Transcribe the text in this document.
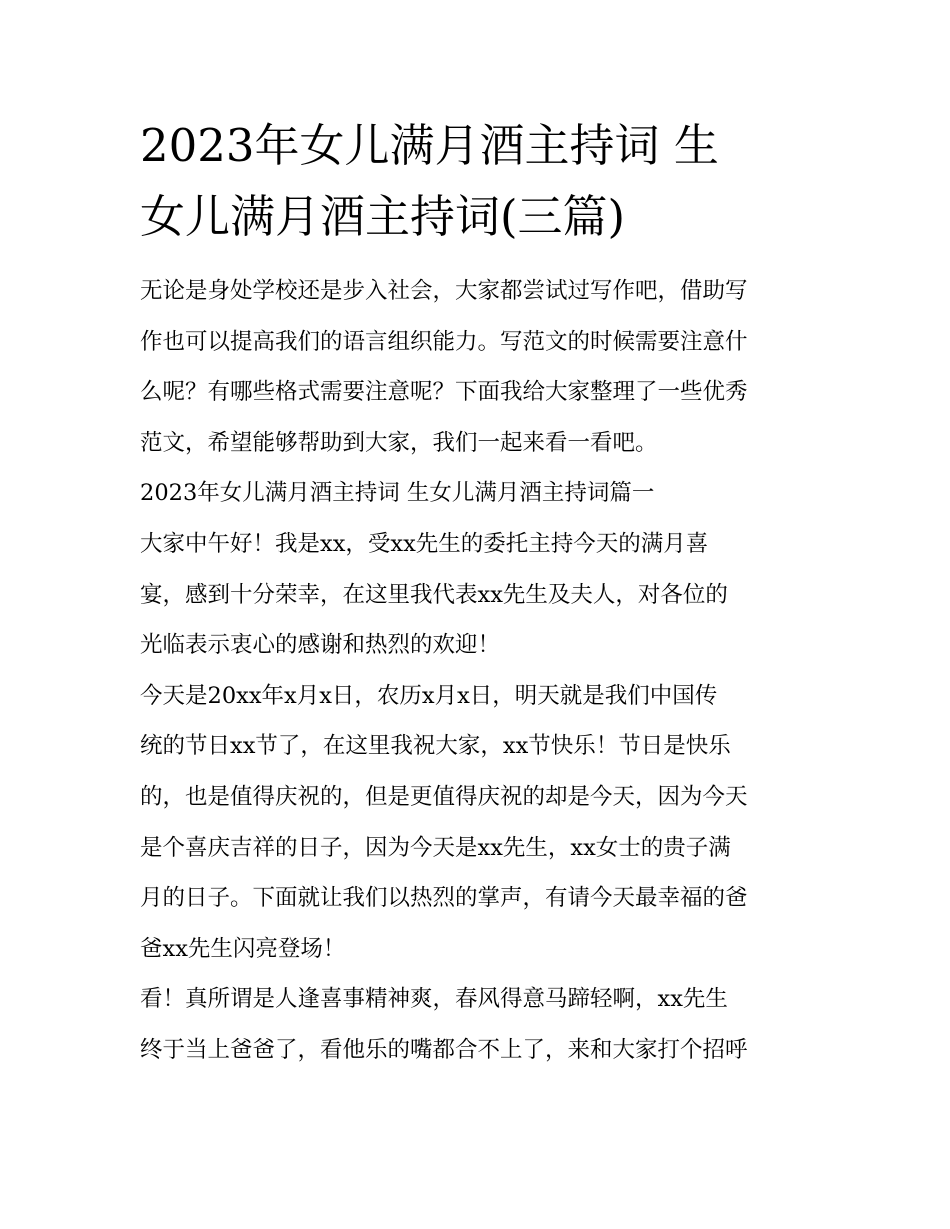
2023年女儿满月酒主持词 生
女儿满月酒主持词(三篇)
无论是身处学校还是步入社会，大家都尝试过写作吧，借助写
作也可以提高我们的语言组织能力。写范文的时候需要注意什
么呢？有哪些格式需要注意呢？下面我给大家整理了一些优秀
范文，希望能够帮助到大家，我们一起来看一看吧。
2023年女儿满月酒主持词 生女儿满月酒主持词篇一
大家中午好！我是xx，受xx先生的委托主持今天的满月喜
宴，感到十分荣幸，在这里我代表xx先生及夫人，对各位的
光临表示衷心的感谢和热烈的欢迎！
今天是20xx年x月x日，农历x月x日，明天就是我们中国传
统的节日xx节了，在这里我祝大家，xx节快乐！节日是快乐
的，也是值得庆祝的，但是更值得庆祝的却是今天，因为今天
是个喜庆吉祥的日子，因为今天是xx先生，xx女士的贵子满
月的日子。下面就让我们以热烈的掌声，有请今天最幸福的爸
爸xx先生闪亮登场！
看！真所谓是人逢喜事精神爽，春风得意马蹄轻啊，xx先生
终于当上爸爸了，看他乐的嘴都合不上了，来和大家打个招呼
